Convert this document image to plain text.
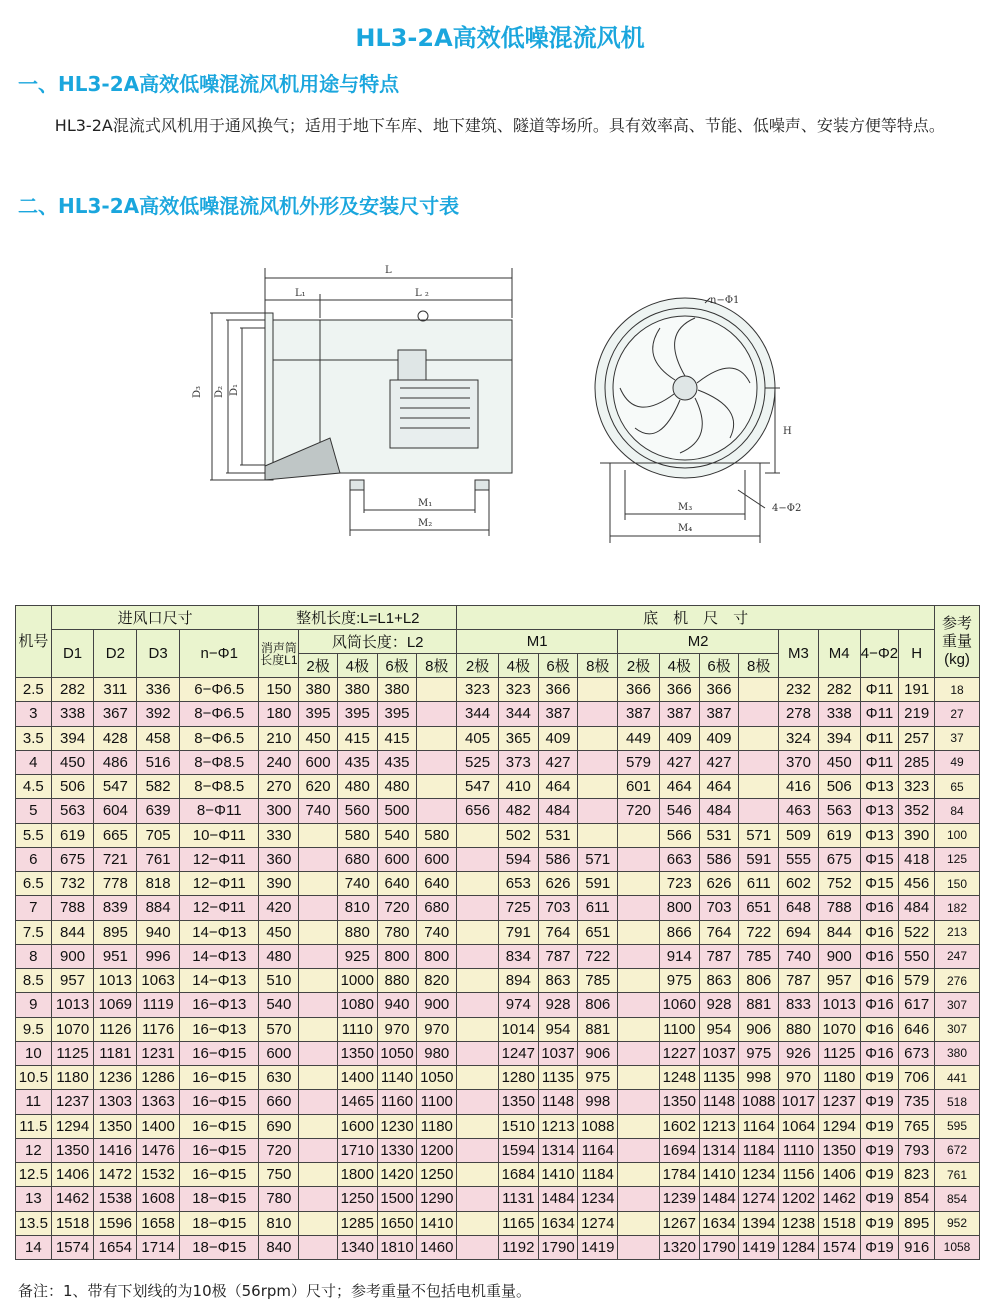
HL3-2A高效低噪混流风机
一、HL3-2A高效低噪混流风机用途与特点
HL3-2A混流式风机用于通风换气；适用于地下车库、地下建筑、隧道等场所。具有效率高、节能、低噪声、安装方便等特点。
二、HL3-2A高效低噪混流风机外形及安装尺寸表
L
L₁	L ₂
D₃ D₂ D₁
M₁
M₂
n−Φ1
4−Φ2
H
M₃
M₄
机号	进风口尺寸				整机长度:L=L1+L2					底　机　尺　寸												参考重量(kg)
	D1	D2	D3	n−Φ1	消声筒长度L1	风筒长度：L2				M1				M2				M3	M4	4−Φ2	H	
						2极	4极	6极	8极	2极	4极	6极	8极	2极	4极	6极	8极					
2.5	282	311	336	6−Φ6.5	150	380	380	380		323	323	366		366	366	366		232	282	Φ11	191	18
3	338	367	392	8−Φ6.5	180	395	395	395		344	344	387		387	387	387		278	338	Φ11	219	27
3.5	394	428	458	8−Φ6.5	210	450	415	415		405	365	409		449	409	409		324	394	Φ11	257	37
4	450	486	516	8−Φ8.5	240	600	435	435		525	373	427		579	427	427		370	450	Φ11	285	49
4.5	506	547	582	8−Φ8.5	270	620	480	480		547	410	464		601	464	464		416	506	Φ13	323	65
5	563	604	639	8−Φ11	300	740	560	500		656	482	484		720	546	484		463	563	Φ13	352	84
5.5	619	665	705	10−Φ11	330		580	540	580		502	531			566	531	571	509	619	Φ13	390	100
6	675	721	761	12−Φ11	360		680	600	600		594	586	571		663	586	591	555	675	Φ15	418	125
6.5	732	778	818	12−Φ11	390		740	640	640		653	626	591		723	626	611	602	752	Φ15	456	150
7	788	839	884	12−Φ11	420		810	720	680		725	703	611		800	703	651	648	788	Φ16	484	182
7.5	844	895	940	14−Φ13	450		880	780	740		791	764	651		866	764	722	694	844	Φ16	522	213
8	900	951	996	14−Φ13	480		925	800	800		834	787	722		914	787	785	740	900	Φ16	550	247
8.5	957	1013	1063	14−Φ13	510		1000	880	820		894	863	785		975	863	806	787	957	Φ16	579	276
9	1013	1069	1119	16−Φ13	540		1080	940	900		974	928	806		1060	928	881	833	1013	Φ16	617	307
9.5	1070	1126	1176	16−Φ13	570		1110	970	970		1014	954	881		1100	954	906	880	1070	Φ16	646	307
10	1125	1181	1231	16−Φ15	600		1350	1050	980		1247	1037	906		1227	1037	975	926	1125	Φ16	673	380
10.5	1180	1236	1286	16−Φ15	630		1400	1140	1050		1280	1135	975		1248	1135	998	970	1180	Φ19	706	441
11	1237	1303	1363	16−Φ15	660		1465	1160	1100		1350	1148	998		1350	1148	1088	1017	1237	Φ19	735	518
11.5	1294	1350	1400	16−Φ15	690		1600	1230	1180		1510	1213	1088		1602	1213	1164	1064	1294	Φ19	765	595
12	1350	1416	1476	16−Φ15	720		1710	1330	1200		1594	1314	1164		1694	1314	1184	1110	1350	Φ19	793	672
12.5	1406	1472	1532	16−Φ15	750		1800	1420	1250		1684	1410	1184		1784	1410	1234	1156	1406	Φ19	823	761
13	1462	1538	1608	18−Φ15	780		1250	1500	1290		1131	1484	1234		1239	1484	1274	1202	1462	Φ19	854	854
13.5	1518	1596	1658	18−Φ15	810		1285	1650	1410		1165	1634	1274		1267	1634	1394	1238	1518	Φ19	895	952
14	1574	1654	1714	18−Φ15	840		1340	1810	1460		1192	1790	1419		1320	1790	1419	1284	1574	Φ19	916	1058
备注：1、带有下划线的为10极（56rpm）尺寸；参考重量不包括电机重量。
